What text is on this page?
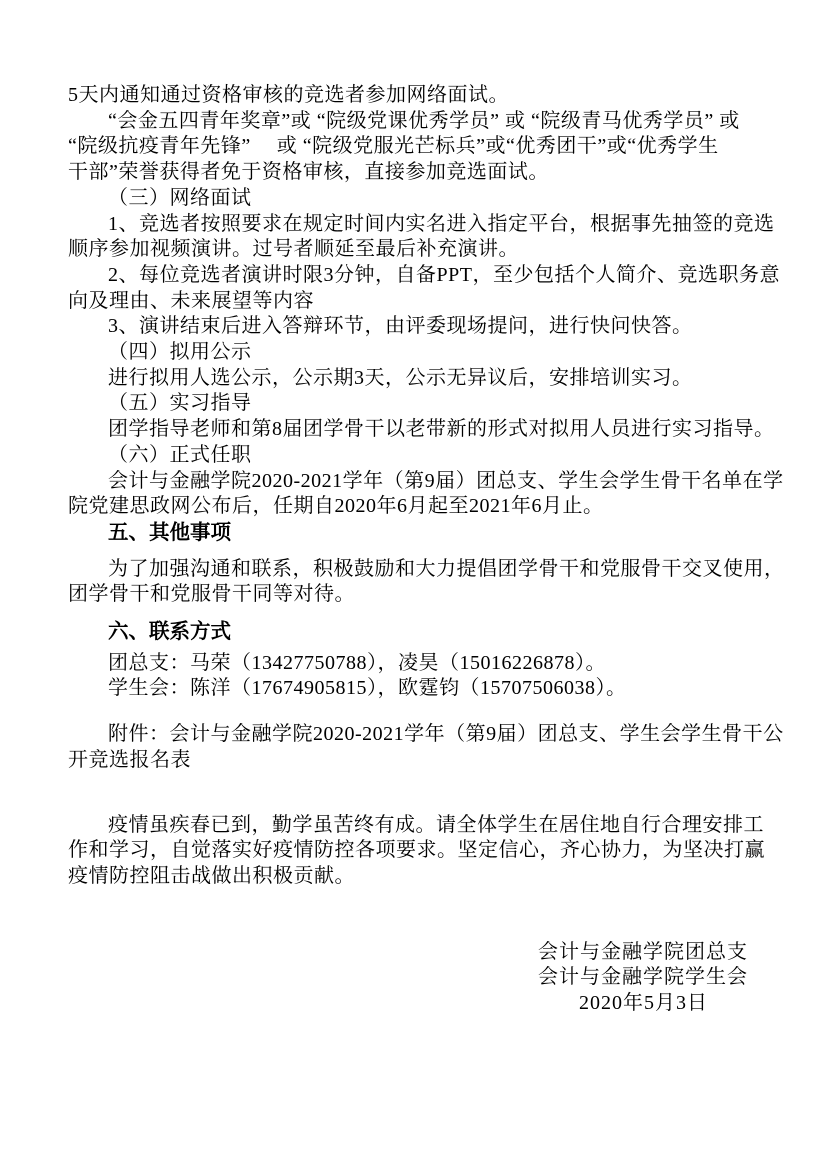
5天内通知通过资格审核的竞选者参加网络面试。
“会金五四青年奖章”或 “院级党课优秀学员” 或 “院级青马优秀学员” 或
“院级抗疫青年先锋”　 或 “院级党服光芒标兵”或“优秀团干”或“优秀学生
干部”荣誉获得者免于资格审核，直接参加竞选面试。
（三）网络面试
1、竞选者按照要求在规定时间内实名进入指定平台，根据事先抽签的竞选
顺序参加视频演讲。过号者顺延至最后补充演讲。
2、每位竞选者演讲时限3分钟，自备PPT，至少包括个人简介、竞选职务意
向及理由、未来展望等内容
3、演讲结束后进入答辩环节，由评委现场提问，进行快问快答。
（四）拟用公示
进行拟用人选公示，公示期3天，公示无异议后，安排培训实习。
（五）实习指导
团学指导老师和第8届团学骨干以老带新的形式对拟用人员进行实习指导。
（六）正式任职
会计与金融学院2020-2021学年（第9届）团总支、学生会学生骨干名单在学
院党建思政网公布后，任期自2020年6月起至2021年6月止。
五、其他事项
为了加强沟通和联系，积极鼓励和大力提倡团学骨干和党服骨干交叉使用，
团学骨干和党服骨干同等对待。
六、联系方式
团总支：马荣（13427750788），凌昊（15016226878）。
学生会：陈洋（17674905815），欧霆钧（15707506038）。
附件：会计与金融学院2020-2021学年（第9届）团总支、学生会学生骨干公
开竞选报名表
疫情虽疾春已到，勤学虽苦终有成。请全体学生在居住地自行合理安排工
作和学习，自觉落实好疫情防控各项要求。坚定信心，齐心协力，为坚决打赢
疫情防控阻击战做出积极贡献。
会计与金融学院团总支
会计与金融学院学生会
2020年5月3日
